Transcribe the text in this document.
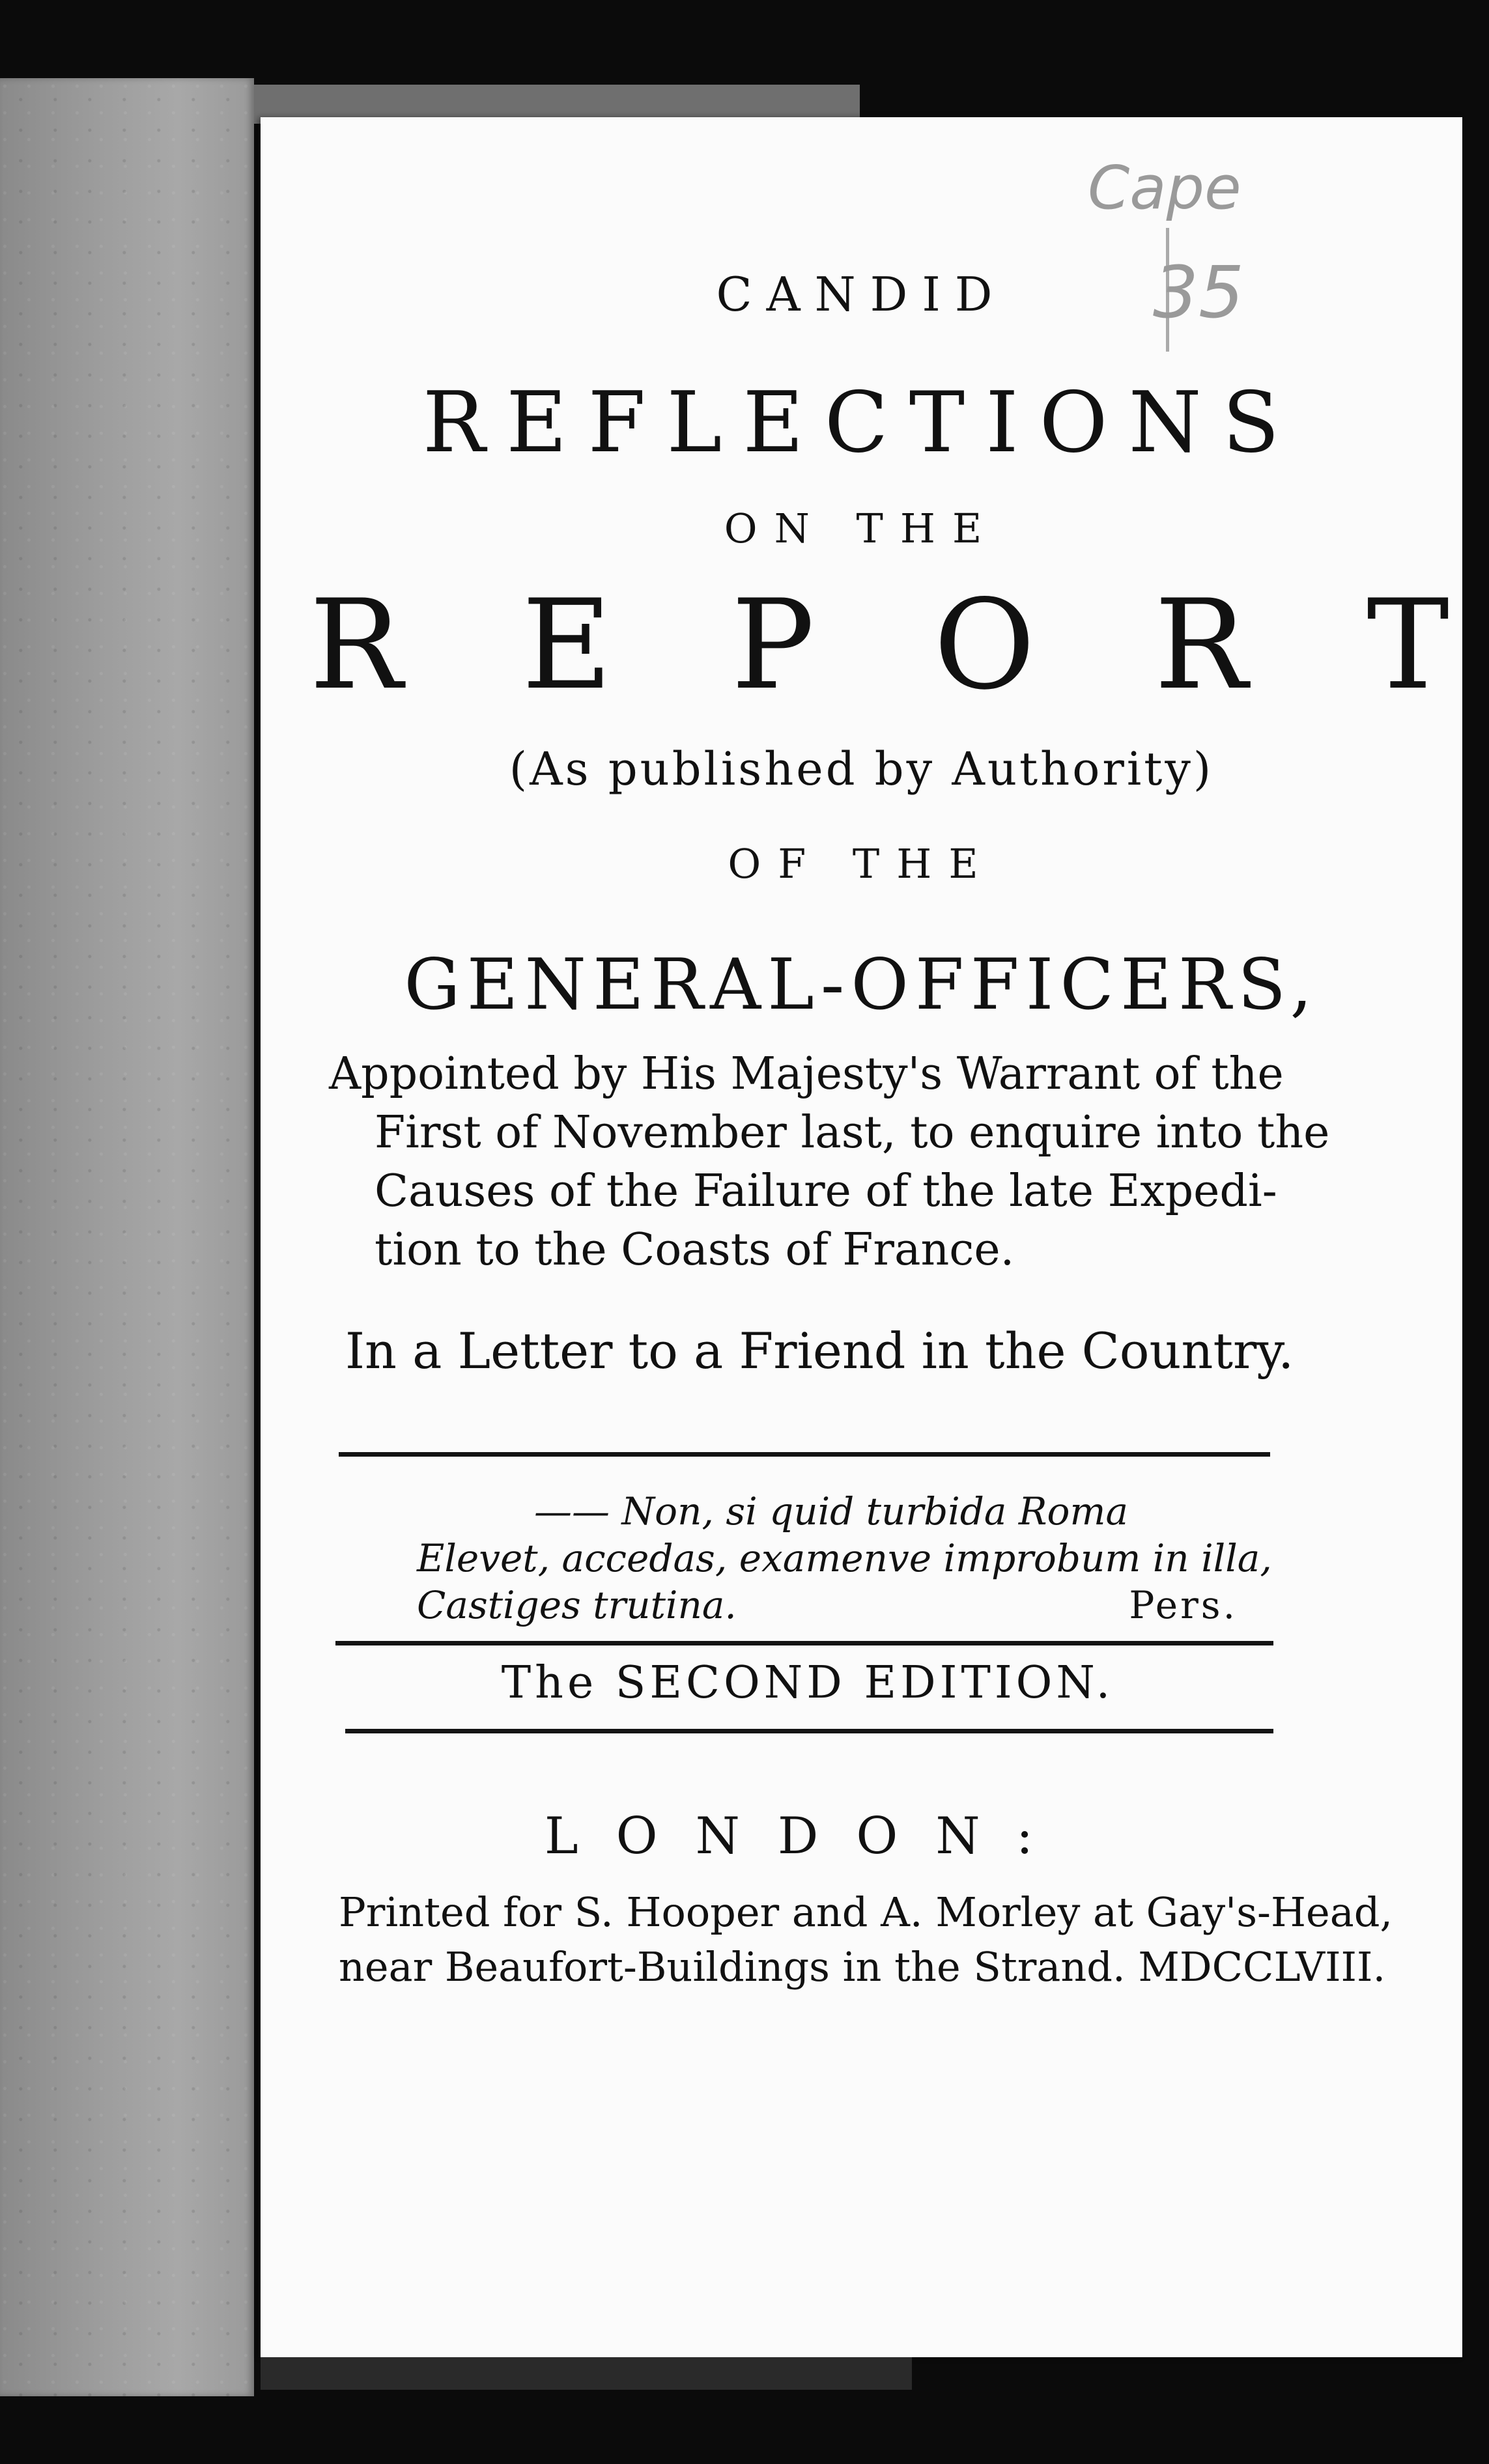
Cape
35
CANDID
REFLECTIONS
ON THE
R E P O R T
(As published by Authority)
OF THE
GENERAL-OFFICERS,
Appointed by His Majesty's Warrant of the
First of November last, to enquire into the
Causes of the Failure of the late Expedi-
tion to the Coasts of France.
In a Letter to a Friend in the Country.
—— Non, si quid turbida Roma
Elevet, accedas, examenve improbum in illa,
Castiges trutina.	Pers.
The SECOND EDITION.
LONDON:
Printed for S. Hooper and A. Morley at Gay's-Head,
near Beaufort-Buildings in the Strand. MDCCLVIII.
